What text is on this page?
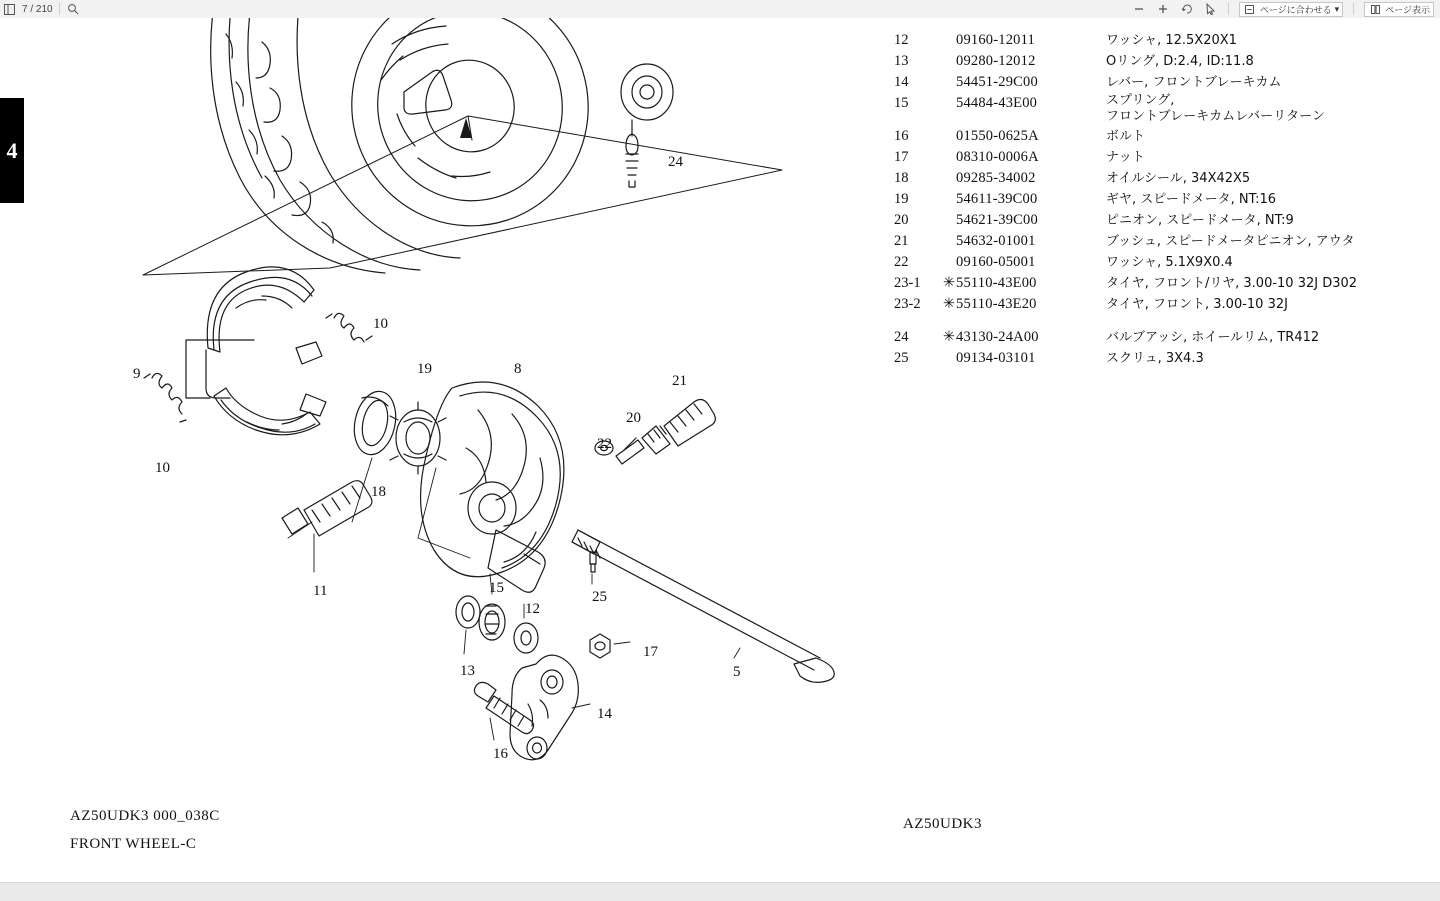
7 / 210	ページに合わせる ▾	ページ表示
4	24
10
19	8
21
9
20
22
10
18
11	15
12
25
13
17
5
14
16
12	09160-12011	ワッシャ, 12.5X20X1
13	09280-12012	Oリング, D:2.4, ID:11.8
14	54451-29C00	レバー, フロントブレーキカム
15	54484-43E00	スプリング,
フロントブレーキカムレバーリターン
16	01550-0625A	ボルト
17	08310-0006A	ナット
18	09285-34002	オイルシール, 34X42X5
19	54611-39C00	ギヤ, スピードメータ, NT:16
20	54621-39C00	ピニオン, スピードメータ, NT:9
21	54632-01001	ブッシュ, スピードメータピニオン, アウタ
22	09160-05001	ワッシャ, 5.1X9X0.4
23-1	✳ 55110-43E00	タイヤ, フロント/リヤ, 3.00-10 32J D302
23-2	✳ 55110-43E20	タイヤ, フロント, 3.00-10 32J
24	✳ 43130-24A00	バルブアッシ, ホイールリム, TR412
25	09134-03101	スクリュ, 3X4.3
AZ50UDK3 000_038C
FRONT WHEEL-C
AZ50UDK3
